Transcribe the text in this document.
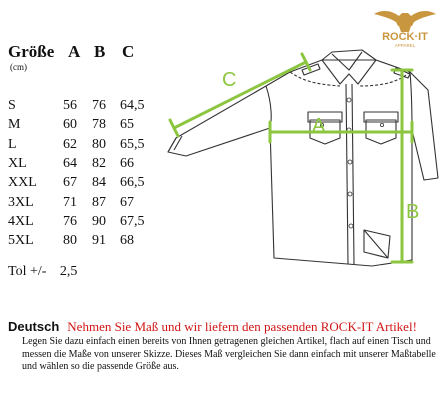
ROCK·IT
APPAREL
Größe A B C
(cm)
S	56 76 64,5
M	60 78 65
L	62 80 65,5
XL	64 82 66
XXL 67 84 66,5
3XL 71 87 67
4XL 76 90 67,5
5XL 80 91 68
Tol +/- 2,5
C
A
B
Deutsch Nehmen Sie Maß und wir liefern den passenden ROCK-IT Artikel!
Legen Sie dazu einfach einen bereits von Ihnen getragenen gleichen Artikel, flach auf einen Tisch und messen die Maße von unserer Skizze. Dieses Maß vergleichen Sie dann einfach mit unserer Maßtabelle und wählen so die passende Größe aus.
